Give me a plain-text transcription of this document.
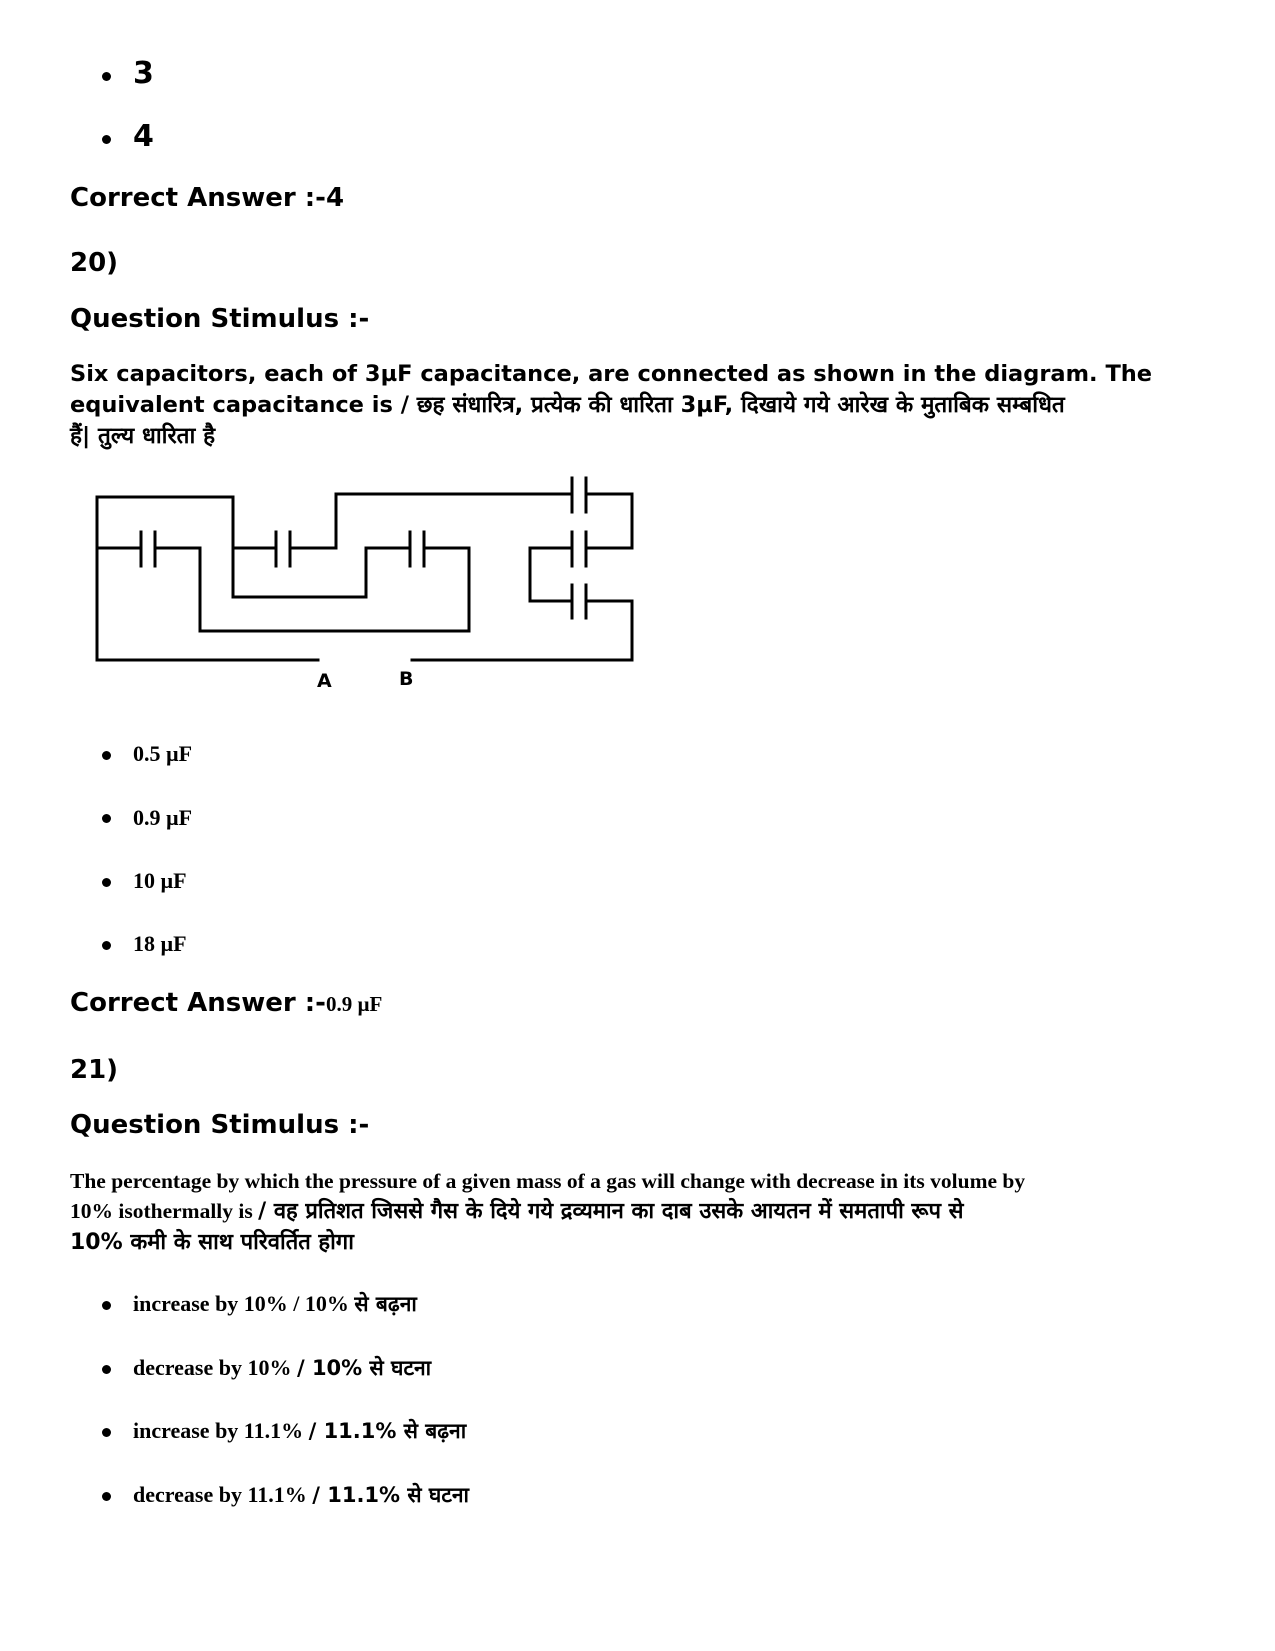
3
4
Correct Answer :-4
20)
Question Stimulus :-
Six capacitors, each of 3µF capacitance, are connected as shown in the diagram. The
equivalent capacitance is / छह संधारित्र, प्रत्येक की धारिता 3µF, दिखाये गये आरेख के मुताबिक सम्बधित
हैं| तुल्य धारिता है
A	B
0.5 µF
0.9 µF
10 µF
18 µF
Correct Answer :-0.9 µF
21)
Question Stimulus :-
The percentage by which the pressure of a given mass of a gas will change with decrease in its volume by
10% isothermally is / वह प्रतिशत जिससे गैस के दिये गये द्रव्यमान का दाब उसके आयतन में समतापी रूप से
10% कमी के साथ परिवर्तित होगा
increase by 10% / 10% से बढ़ना
decrease by 10% / 10% से घटना
increase by 11.1% / 11.1% से बढ़ना
decrease by 11.1% / 11.1% से घटना
